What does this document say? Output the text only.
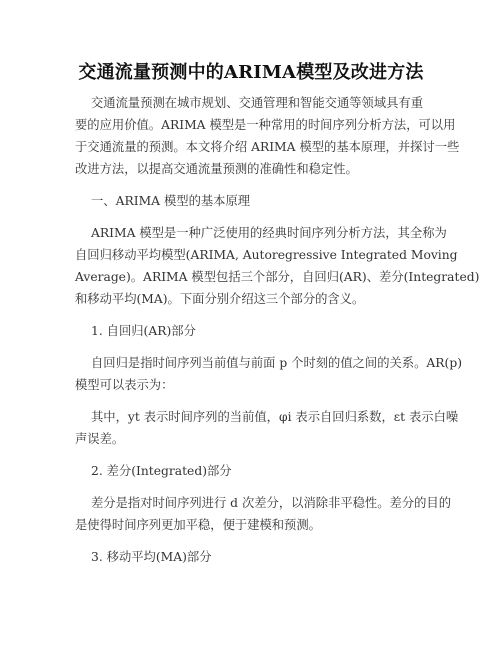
交通流量预测中的ARIMA模型及改进方法
交通流量预测在城市规划、交通管理和智能交通等领域具有重
要的应用价值。ARIMA 模型是一种常用的时间序列分析方法，可以用
于交通流量的预测。本文将介绍 ARIMA 模型的基本原理，并探讨一些
改进方法，以提高交通流量预测的准确性和稳定性。
一、ARIMA 模型的基本原理
ARIMA 模型是一种广泛使用的经典时间序列分析方法，其全称为
自回归移动平均模型(ARIMA, Autoregressive Integrated Moving
Average)。ARIMA 模型包括三个部分，自回归(AR)、差分(Integrated)
和移动平均(MA)。下面分别介绍这三个部分的含义。
1. 自回归(AR)部分
自回归是指时间序列当前值与前面 p 个时刻的值之间的关系。AR(p)
模型可以表示为：
其中，yt 表示时间序列的当前值，φi 表示自回归系数，εt 表示白噪
声误差。
2. 差分(Integrated)部分
差分是指对时间序列进行 d 次差分，以消除非平稳性。差分的目的
是使得时间序列更加平稳，便于建模和预测。
3. 移动平均(MA)部分
